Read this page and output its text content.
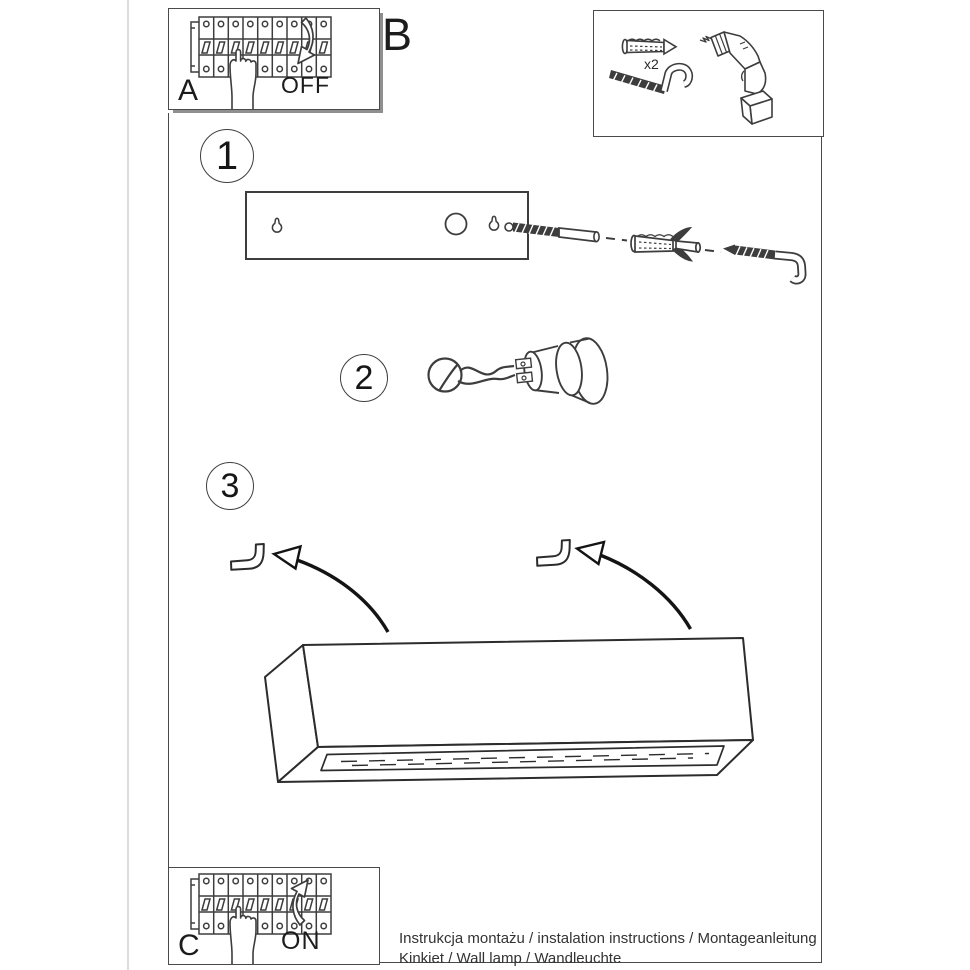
A	OFF
B
x2
1
2
3
C	ON	Instrukcja montażu / instalation instructions / Montageanleitung
Kinkiet / Wall lamp / Wandleuchte
